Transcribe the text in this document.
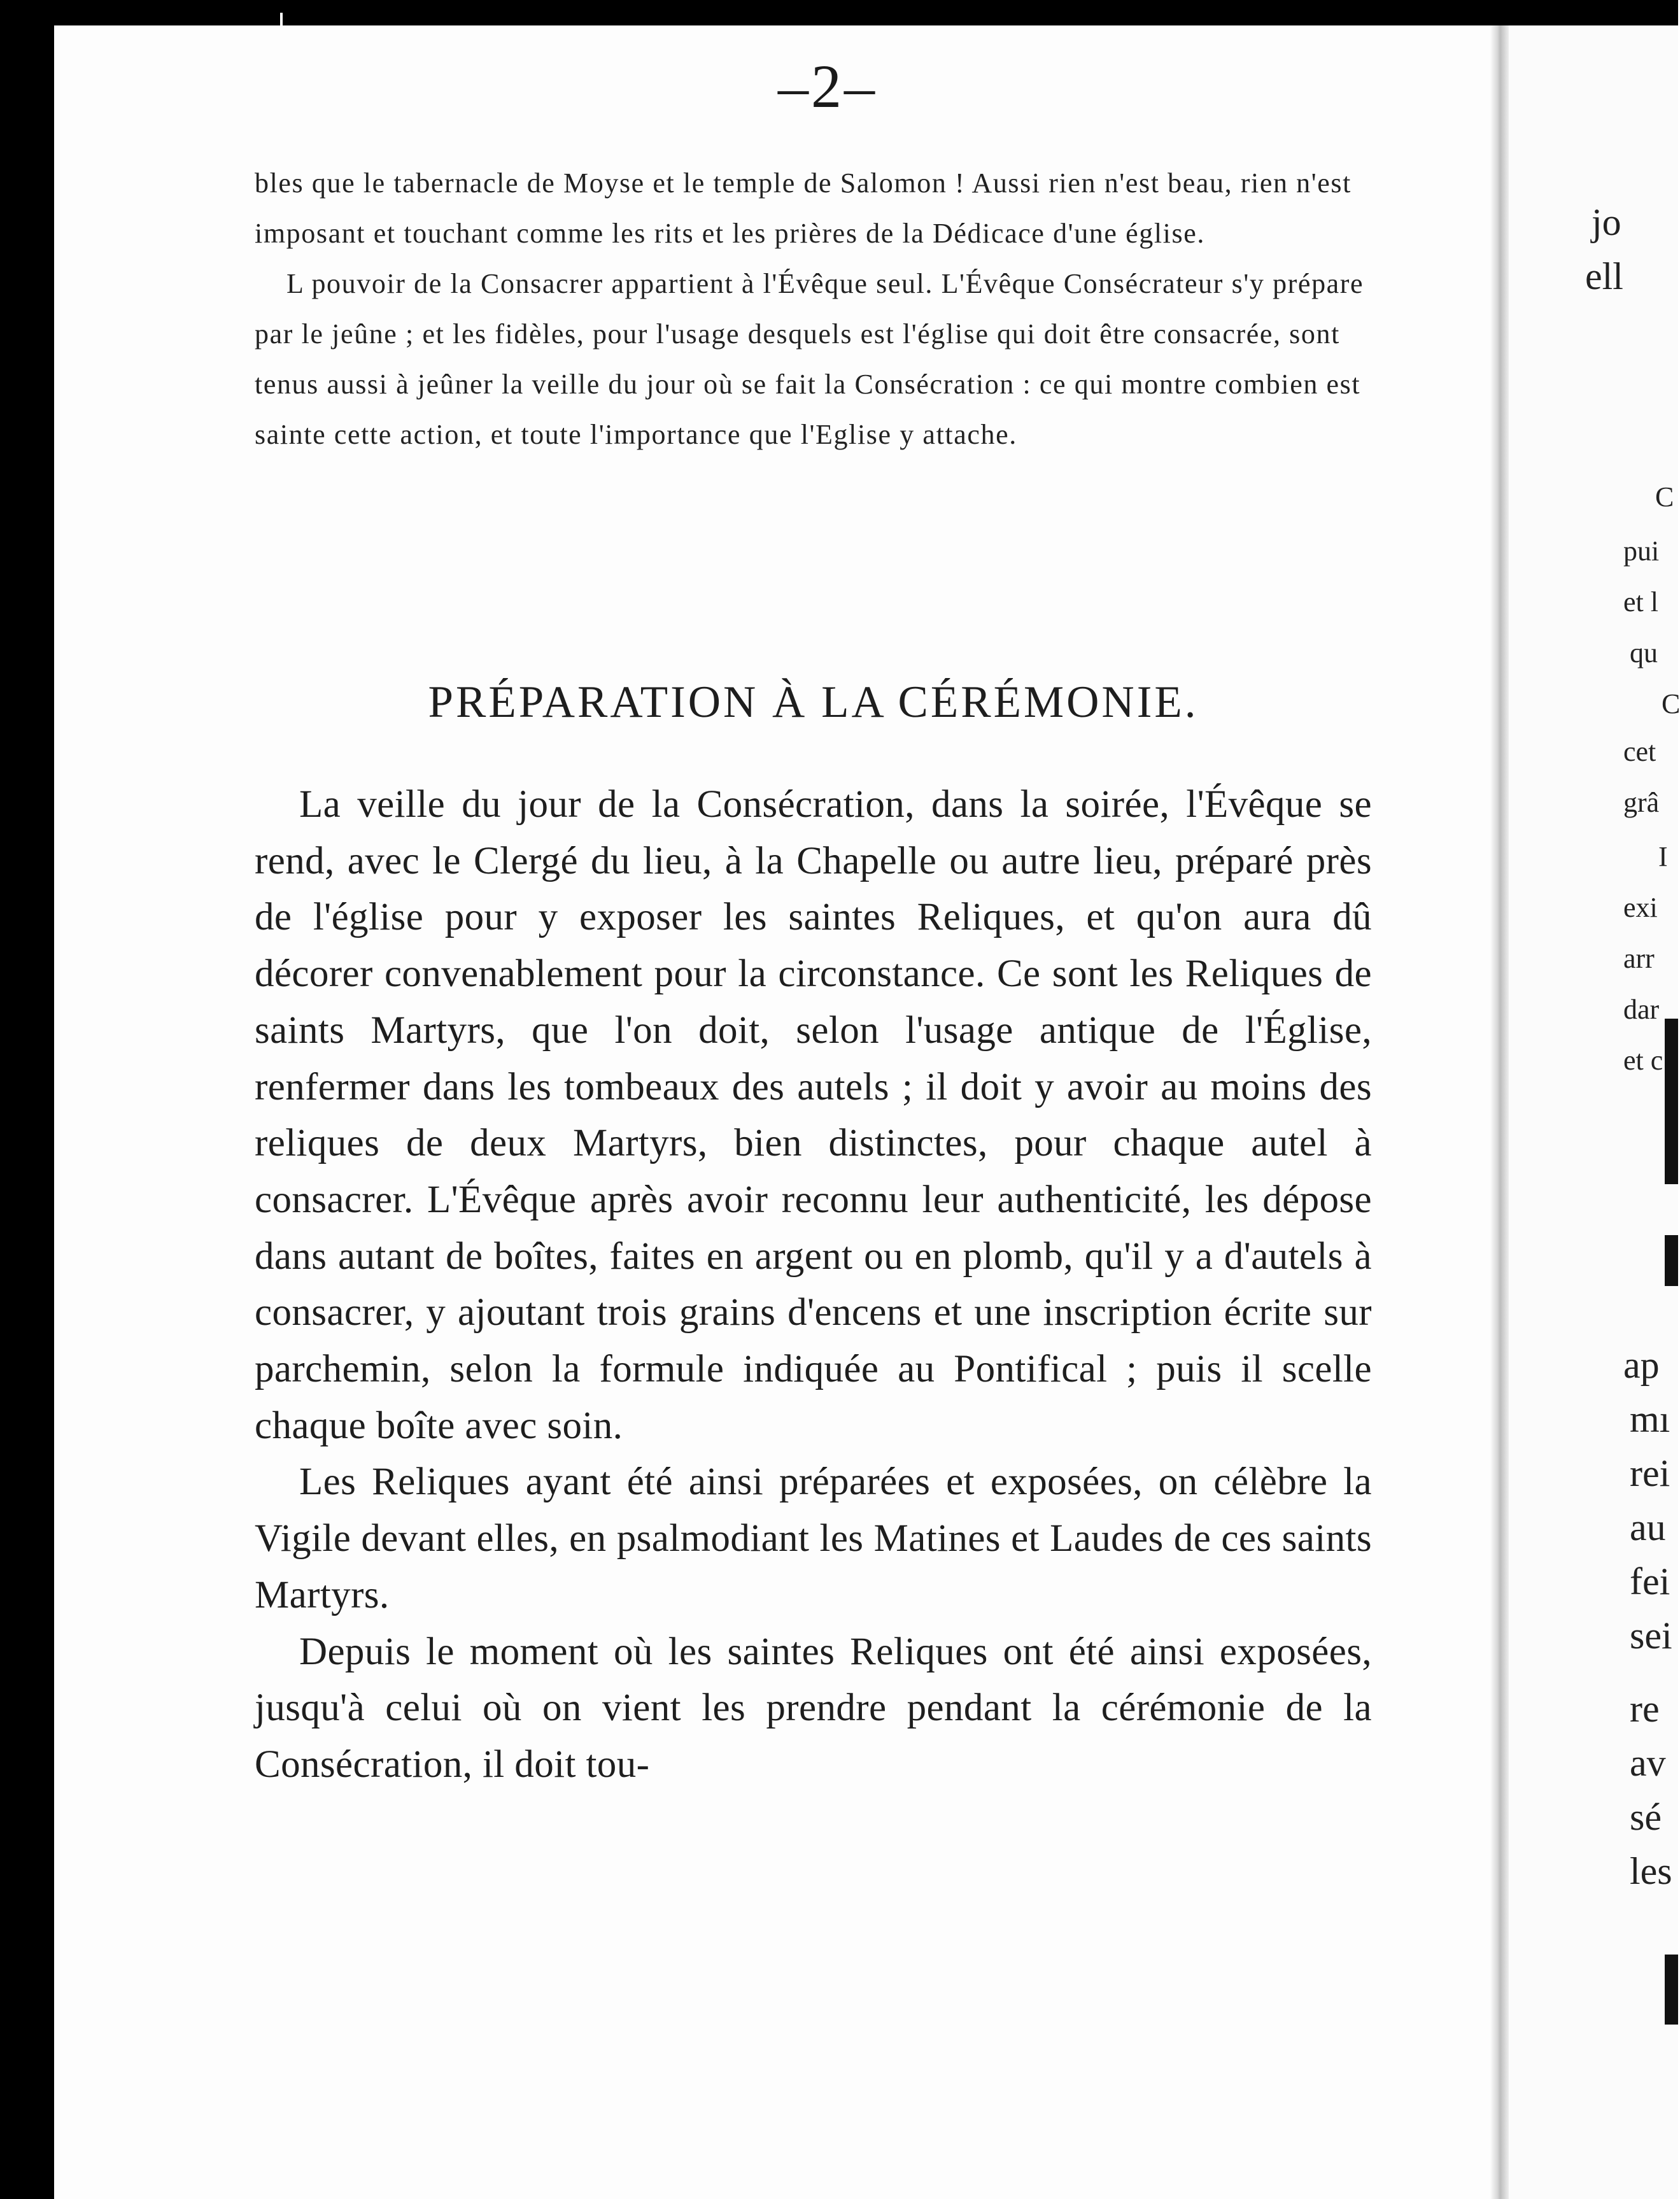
–2–

bles que le tabernacle de Moyse et le temple de Salomon ! Aussi rien n'est beau, rien n'est imposant et touchant comme les rits et les prières de la Dédicace d'une église.

L pouvoir de la Consacrer appartient à l'Évêque seul. L'Évêque Consécrateur s'y prépare par le jeûne ; et les fidèles, pour l'usage desquels est l'église qui doit être consacrée, sont tenus aussi à jeûner la veille du jour où se fait la Consécration : ce qui montre combien est sainte cette action, et toute l'importance que l'Eglise y attache.

PRÉPARATION À LA CÉRÉMONIE.

La veille du jour de la Consécration, dans la soirée, l'Évêque se rend, avec le Clergé du lieu, à la Chapelle ou autre lieu, préparé près de l'église pour y exposer les saintes Reliques, et qu'on aura dû décorer convenablement pour la circonstance. Ce sont les Reliques de saints Martyrs, que l'on doit, selon l'usage antique de l'Église, renfermer dans les tombeaux des autels ; il doit y avoir au moins des reliques de deux Martyrs, bien distinctes, pour chaque autel à consacrer. L'Évêque après avoir reconnu leur authenticité, les dépose dans autant de boîtes, faites en argent ou en plomb, qu'il y a d'autels à consacrer, y ajoutant trois grains d'encens et une inscription écrite sur parchemin, selon la formule indiquée au Pontifical ; puis il scelle chaque boîte avec soin.

Les Reliques ayant été ainsi préparées et exposées, on célèbre la Vigile devant elles, en psalmodiant les Matines et Laudes de ces saints Martyrs.

Depuis le moment où les saintes Reliques ont été ainsi exposées, jusqu'à celui où on vient les prendre pendant la cérémonie de la Consécration, il doit tou-

jo
ell
C
pui
et l
qu
C
cet
grâ
I
exi
arr
dar
et c
ap
mı
rei
au
fei
sei
re
av
sé
les
